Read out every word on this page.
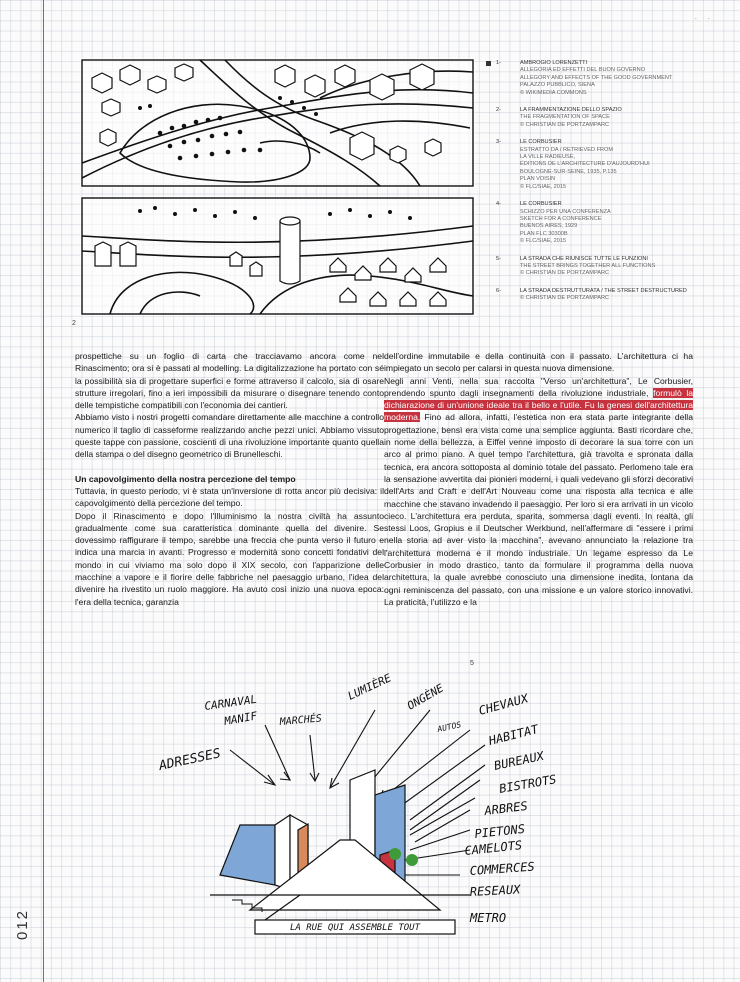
· ·
012
2
1-	AMBROGIO LORENZETTI
ALLEGORIA ED EFFETTI DEL BUON GOVERNO
ALLEGORY AND EFFECTS OF THE GOOD GOVERNMENT
PALAZZO PUBBLICO, SIENA
© WIKIMEDIA COMMONS
2-	LA FRAMMENTAZIONE DELLO SPAZIO
THE FRAGMENTATION OF SPACE
© CHRISTIAN DE PORTZAMPARC
3-	LE CORBUSIER
ESTRATTO DA / RETRIEVED FROM
LA VILLE RADIEUSE,
ÉDITIONS DE L'ARCHITECTURE D'AUJOURD'HUI
BOULOGNE-SUR-SEINE, 1935, P.135
PLAN VOISIN
© FLC/SIAE, 2015
4-	LE CORBUSIER
SCHIZZO PER UNA CONFERENZA
SKETCH FOR A CONFERENCE
BUENOS AIRES, 1929
PLAN FLC 30300B
© FLC/SIAE, 2015
5-	LA STRADA CHE RIUNISCE TUTTE LE FUNZIONI
THE STREET BRINGS TOGETHER ALL FUNCTIONS
© CHRISTIAN DE PORTZAMPARC
6-	LA STRADA DESTRUTTURATA / THE STREET DESTRUCTURED
© CHRISTIAN DE PORTZAMPARC

prospettiche su un foglio di carta che tracciavamo ancora come nel Rinascimento; ora si è passati al modelling. La digitalizzazione ha portato con sé la possibilità sia di progettare superfici e forme attraverso il calcolo, sia di osare strutture irregolari, fino a ieri impossibili da misurare o disegnare tenendo conto delle tempistiche compatibili con l'economia dei cantieri.

Abbiamo visto i nostri progetti comandare direttamente alle macchine a controllo numerico il taglio di casseforme realizzando anche pezzi unici. Abbiamo vissuto queste tappe con passione, coscienti di una rivoluzione importante quanto quella della stampa o del disegno geometrico di Brunelleschi.

Un capovolgimento della nostra percezione del tempo

Tuttavia, in questo periodo, vi è stata un'inversione di rotta ancor più decisiva: il capovolgimento della percezione del tempo.

Dopo il Rinascimento e dopo l'Illuminismo la nostra civiltà ha assunto gradualmente come sua caratteristica dominante quella del divenire. Se dovessimo raffigurare il tempo, sarebbe una freccia che punta verso il futuro e indica una marcia in avanti. Progresso e modernità sono concetti fondativi del mondo in cui viviamo ma solo dopo il XIX secolo, con l'apparizione delle macchine a vapore e il fiorire delle fabbriche nel paesaggio urbano, l'idea del divenire ha rivestito un ruolo maggiore. Ha avuto così inizio una nuova epoca: l'era della tecnica, garanzia

dell'ordine immutabile e della continuità con il passato. L'architettura ci ha impiegato un secolo per calarsi in questa nuova dimensione.

Negli anni Venti, nella sua raccolta "Verso un'architettura", Le Corbusier, prendendo spunto dagli insegnamenti della rivoluzione industriale, formulò la dichiarazione di un'unione ideale tra il bello e l'utile. Fu la genesi dell'architettura moderna. Fino ad allora, infatti, l'estetica non era stata parte integrante della progettazione, bensì era vista come una semplice aggiunta. Basti ricordare che, in nome della bellezza, a Eiffel venne imposto di decorare la sua torre con un arco al primo piano. A quel tempo l'architettura, già travolta e spronata dalla tecnica, era ancora sottoposta al dominio totale del passato. Perlomeno tale era la sensazione avvertita dai pionieri moderni, i quali vedevano gli sforzi decorativi dell'Arts and Craft e dell'Art Nouveau come una risposta alla tecnica e alle macchine che stavano invadendo il paesaggio. Per loro si era arrivati in un vicolo cieco. L'architettura era perduta, sparita, sommersa dagli eventi. In realtà, gli stessi Loos, Gropius e il Deutscher Werkbund, nell'affermare di "essere i primi nella storia ad aver visto la macchina", avevano annunciato la relazione tra l'architettura moderna e il mondo industriale. Un legame espresso da Le Corbusier in modo drastico, tanto da formulare il programma della nuova architettura, la quale avrebbe conosciuto una dimensione inedita, lontana da ogni reminiscenza del passato, con una missione e un valore storico innovativi. La praticità, l'utilizzo e la

5
CARNAVAL
MANIF MARCHÉS
ADRESSES
LUMIÈRE ONGÈNE
AUTOS
CHEVAUX
HABITAT
BUREAUX
BISTROTS
ARBRES
PIETONS
CAMELOTS
COMMERCES
RESEAUX
METRO
LA RUE QUI ASSEMBLE TOUT
